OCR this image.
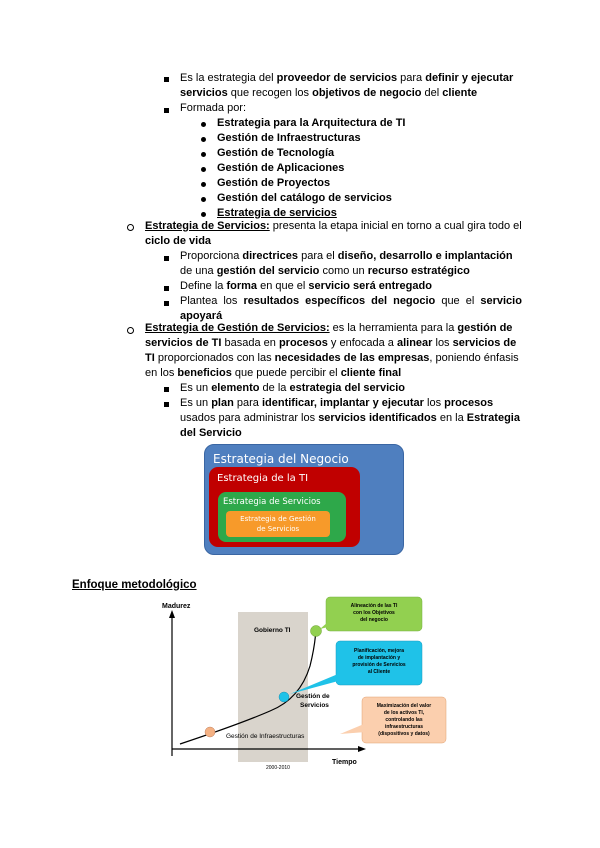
Es la estrategia del proveedor de servicios para definir y ejecutar
servicios que recogen los objetivos de negocio del cliente
Formada por:
Estrategia para la Arquitectura de TI
Gestión de Infraestructuras
Gestión de Tecnología
Gestión de Aplicaciones
Gestión de Proyectos
Gestión del catálogo de servicios
Estrategia de servicios
Estrategia de Servicios: presenta la etapa inicial en torno a cual gira todo el
ciclo de vida
Proporciona directrices para el diseño, desarrollo e implantación
de una gestión del servicio como un recurso estratégico
Define la forma en que el servicio será entregado
Plantea los resultados específicos del negocio que el servicio
apoyará
Estrategia de Gestión de Servicios: es la herramienta para la gestión de
servicios de TI basada en procesos y enfocada a alinear los servicios de
TI proporcionados con las necesidades de las empresas, poniendo énfasis
en los beneficios que puede percibir el cliente final
Es un elemento de la estrategia del servicio
Es un plan para identificar, implantar y ejecutar los procesos
usados para administrar los servicios identificados en la Estrategia
del Servicio
Estrategia del Negocio
Estrategia de la TI
Estrategia de Servicios
Estrategia de Gestión
de Servicios
Enfoque metodológico
Madurez
Tiempo
2000-2010
Gestión de Infraestructuras
Gestión de
Servicios
Gobierno TI
Alineación de las TI
con los Objetivos
del negocio
Planificación, mejora
de implantación y
provisión de Servicios
al Cliente
Maximización del valor
de los activos TI,
controlando las
infraestructuras
(dispositivos y datos)
